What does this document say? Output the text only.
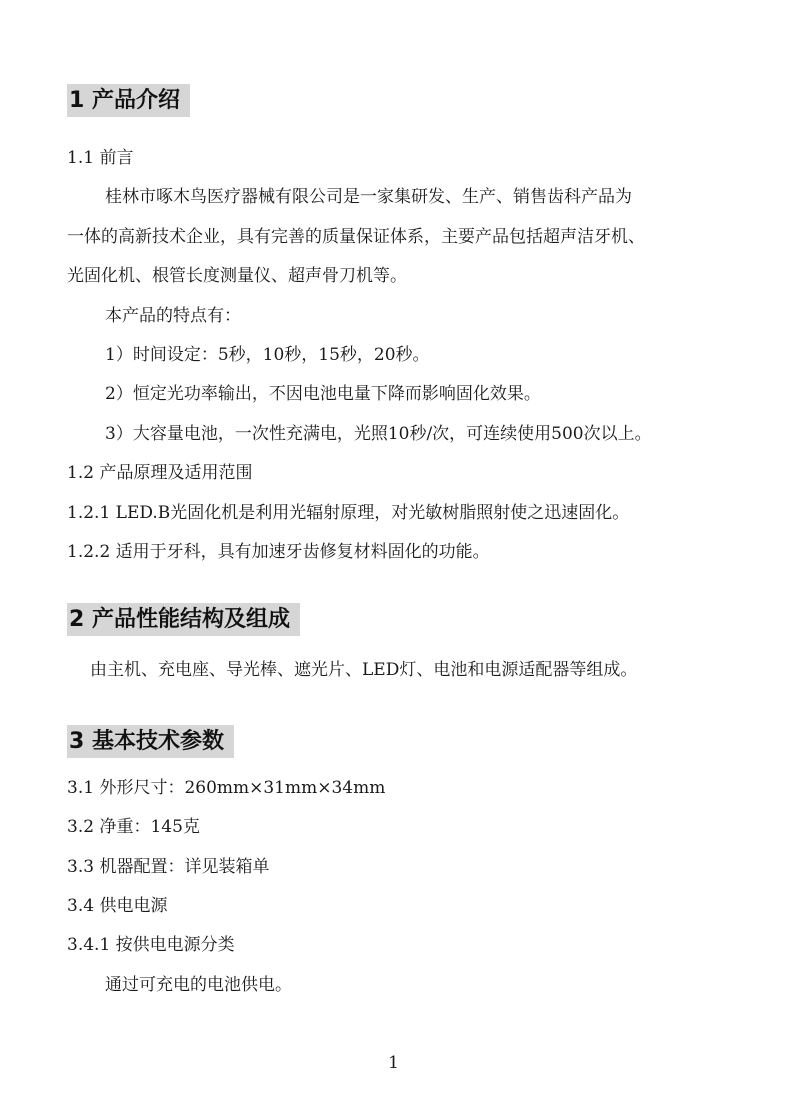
1 产品介绍
1.1 前言
桂林市啄木鸟医疗器械有限公司是一家集研发、生产、销售齿科产品为
一体的高新技术企业，具有完善的质量保证体系，主要产品包括超声洁牙机、
光固化机、根管长度测量仪、超声骨刀机等。
本产品的特点有：
1）时间设定：5秒，10秒，15秒，20秒。
2）恒定光功率输出，不因电池电量下降而影响固化效果。
3）大容量电池，一次性充满电，光照10秒/次，可连续使用500次以上。
1.2 产品原理及适用范围
1.2.1 LED.B光固化机是利用光辐射原理，对光敏树脂照射使之迅速固化。
1.2.2 适用于牙科，具有加速牙齿修复材料固化的功能。
2 产品性能结构及组成
由主机、充电座、导光棒、遮光片、LED灯、电池和电源适配器等组成。
3 基本技术参数
3.1 外形尺寸：260mm×31mm×34mm
3.2 净重：145克
3.3 机器配置：详见装箱单
3.4 供电电源
3.4.1 按供电电源分类
通过可充电的电池供电。
1
